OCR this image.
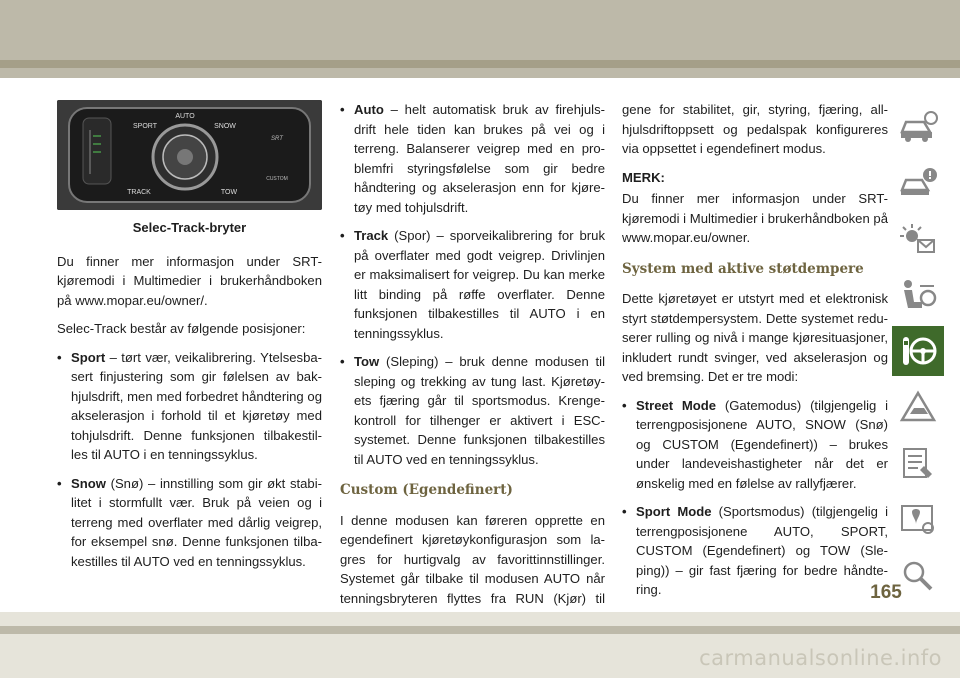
AUTO
SPORT	SNOW
TRACK	TOW
CUSTOM
SRT
Selec-Track-bryter

Du finner mer informasjon under SRT-kjøremodi i Multimedier i brukerhåndboken på www.mopar.eu/owner/.

Selec-Track består av følgende posisjoner:

• Sport – tørt vær, veikalibrering. Ytelsesba-sert finjustering som gir følelsen av bak-hjulsdrift, men med forbedret håndtering og akselerasjon i forhold til et kjøretøy med tohjulsdrift. Denne funksjonen tilbakestil-les til AUTO i en tenningssyklus.
• Snow (Snø) – innstilling som gir økt stabi-litet i stormfullt vær. Bruk på veien og i terreng med overflater med dårlig veigrep, for eksempel snø. Denne funksjonen tilba-kestilles til AUTO ved en tenningssyklus.
• Auto – helt automatisk bruk av firehjuls-drift hele tiden kan brukes på vei og i terreng. Balanserer veigrep med en pro-blemfri styringsfølelse som gir bedre håndtering og akselerasjon enn for kjøre-tøy med tohjulsdrift.
• Track (Spor) – sporveikalibrering for bruk på overflater med godt veigrep. Drivlinjen er maksimalisert for veigrep. Du kan merke litt binding på røffe overflater. Denne funksjonen tilbakestilles til AUTO i en tenningssyklus.
• Tow (Sleping) – bruk denne modusen til sleping og trekking av tung last. Kjøretøy-ets fjæring går til sportsmodus. Krenge-kontroll for tilhenger er aktivert i ESC-systemet. Denne funksjonen tilbakestilles til AUTO ved en tenningssyklus.
Custom (Egendefinert)

I denne modusen kan føreren opprette en egendefinert kjøretøykonfigurasjon som la-gres for hurtigvalg av favorittinnstillinger. Systemet går tilbake til modusen AUTO når tenningsbryteren flyttes fra RUN (Kjør) til

gene for stabilitet, gir, styring, fjæring, all-hjulsdriftoppsett og pedalspak konfigureres via oppsettet i egendefinert modus.

MERK:

Du finner mer informasjon under SRT-kjøremodi i Multimedier i brukerhåndboken på www.mopar.eu/owner.

System med aktive støtdempere

Dette kjøretøyet er utstyrt med et elektronisk styrt støtdempersystem. Dette systemet redu-serer rulling og nivå i mange kjøresituasjoner, inkludert rundt svinger, ved akselerasjon og ved bremsing. Det er tre modi:

• Street Mode (Gatemodus) (tilgjengelig i terrengposisjonene AUTO, SNOW (Snø) og CUSTOM (Egendefinert)) – brukes under landeveishastigheter når det er ønskelig med en følelse av rallyfjærer.
• Sport Mode (Sportsmodus) (tilgjengelig i terrengposisjonene AUTO, SPORT, CUSTOM (Egendefinert) og TOW (Sle-ping)) – gir fast fjæring for bedre håndte-ring.	165
carmanualsonline.info
